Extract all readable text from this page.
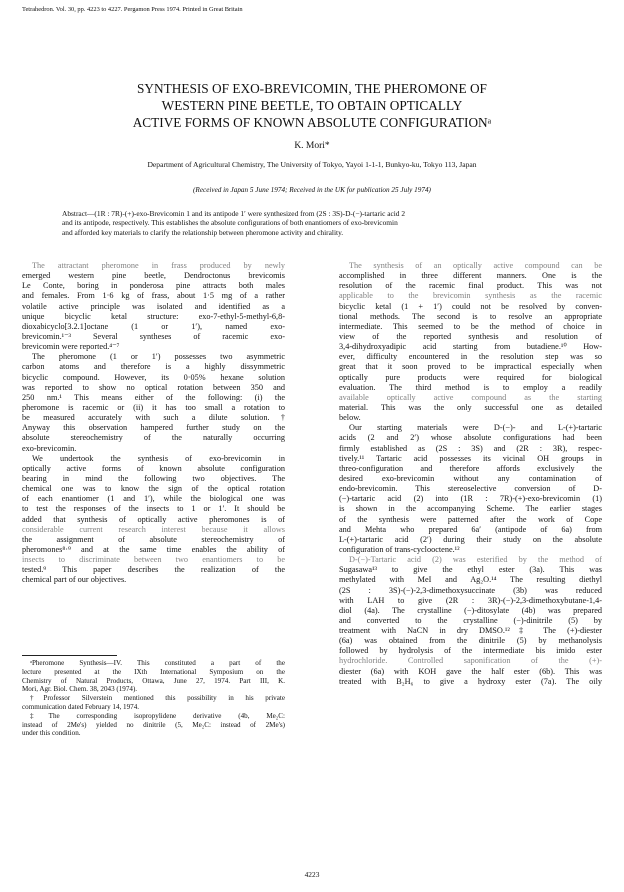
Tetrahedron. Vol. 30, pp. 4223 to 4227. Pergamon Press 1974. Printed in Great Britain
SYNTHESIS OF EXO-BREVICOMIN, THE PHEROMONE OF
WESTERN PINE BEETLE, TO OBTAIN OPTICALLY
ACTIVE FORMS OF KNOWN ABSOLUTE CONFIGURATIONᵃ
K. Mori*
Department of Agricultural Chemistry, The University of Tokyo, Yayoi 1-1-1, Bunkyo-ku, Tokyo 113, Japan
(Received in Japan 5 June 1974; Received in the UK for publication 25 July 1974)
Abstract—(1R : 7R)-(+)-exo-Brevicomin 1 and its antipode 1′ were synthesized from (2S : 3S)-D-(−)-tartaric acid 2
and its antipode, respectively. This establishes the absolute configurations of both enantiomers of exo-brevicomin
and afforded key materials to clarify the relationship between pheromone activity and chirality.
The attractant pheromone in frass produced by newly
emerged western pine beetle, Dendroctonus brevicomis
Le Conte, boring in ponderosa pine attracts both males
and females. From 1·6 kg of frass, about 1·5 mg of a rather
volatile active principle was isolated and identified as a
unique bicyclic ketal structure: exo-7-ethyl-5-methyl-6,8-
dioxabicyclo[3.2.1]octane (1 or 1′), named exo-
brevicomin.¹⁻³ Several syntheses of racemic exo-
brevicomin were reported.⁴⁻⁷
The pheromone (1 or 1′) possesses two asymmetric
carbon atoms and therefore is a highly dissymmetric
bicyclic compound. However, its 0·05% hexane solution
was reported to show no optical rotation between 350 and
250 nm.¹ This means either of the following: (i) the
pheromone is racemic or (ii) it has too small a rotation to
be measured accurately with such a dilute solution.†
Anyway this observation hampered further study on the
absolute stereochemistry of the naturally occurring
exo-brevicomin.
We undertook the synthesis of exo-brevicomin in
optically active forms of known absolute configuration
bearing in mind the following two objectives. The
chemical one was to know the sign of the optical rotation
of each enantiomer (1 and 1′), while the biological one was
to test the responses of the insects to 1 or 1′. It should be
added that synthesis of optically active pheromones is of
considerable current research interest because it allows
the assignment of absolute stereochemistry of
pheromones⁸·⁹ and at the same time enables the ability of
insects to discriminate between two enantiomers to be
tested.⁹ This paper describes the realization of the
chemical part of our objectives.
The synthesis of an optically active compound can be
accomplished in three different manners. One is the
resolution of the racemic final product. This was not
applicable to the brevicomin synthesis as the racemic
bicyclic ketal (1 + 1′) could not be resolved by conven-
tional methods. The second is to resolve an appropriate
intermediate. This seemed to be the method of choice in
view of the reported synthesis and resolution of
3,4-dihydroxyadipic acid starting from butadiene.¹⁰ How-
ever, difficulty encountered in the resolution step was so
great that it soon proved to be impractical especially when
optically pure products were required for biological
evaluation. The third method is to employ a readily
available optically active compound as the starting
material. This was the only successful one as detailed
below.
Our starting materials were D-(−)- and L-(+)-tartaric
acids (2 and 2′) whose absolute configurations had been
firmly established as (2S : 3S) and (2R : 3R), respec-
tively.¹¹ Tartaric acid possesses its vicinal OH groups in
threo-configuration and therefore affords exclusively the
desired exo-brevicomin without any contamination of
endo-brevicomin. This stereoselective conversion of D-
(−)-tartaric acid (2) into (1R : 7R)-(+)-exo-brevicomin (1)
is shown in the accompanying Scheme. The earlier stages
of the synthesis were patterned after the work of Cope
and Mehta who prepared 6a′ (antipode of 6a) from
L-(+)-tartaric acid (2′) during their study on the absolute
configuration of trans-cyclooctene.¹²
D-(−)-Tartaric acid (2) was esterified by the method of
Sugasawa¹³ to give the ethyl ester (3a). This was
methylated with MeI and Ag₂O.¹⁴ The resulting diethyl
(2S : 3S)-(−)-2,3-dimethoxysuccinate (3b) was reduced
with LAH to give (2R : 3R)-(−)-2,3-dimethoxybutane-1,4-
diol (4a). The crystalline (−)-ditosylate (4b) was prepared
and converted to the crystalline (−)-dinitrile (5) by
treatment with NaCN in dry DMSO.¹²‡ The (+)-diester
(6a) was obtained from the dinitrile (5) by methanolysis
followed by hydrolysis of the intermediate bis imido ester
hydrochloride. Controlled saponification of the (+)-
diester (6a) with KOH gave the half ester (6b). This was
treated with B₂H₆ to give a hydroxy ester (7a). The oily
ᵃPheromone Synthesis—IV. This constituted a part of the
lecture presented at the IXth International Symposium on the
Chemistry of Natural Products, Ottawa, June 27, 1974. Part III, K.
Mori, Agr. Biol. Chem. 38, 2043 (1974).
†Professor Silverstein mentioned this possibility in his private
communication dated February 14, 1974.
‡The corresponding isopropylidene derivative (4b, Me₂C:
instead of 2Me's) yielded no dinitrile (5, Me₂C: instead of 2Me's)
under this condition.
4223
